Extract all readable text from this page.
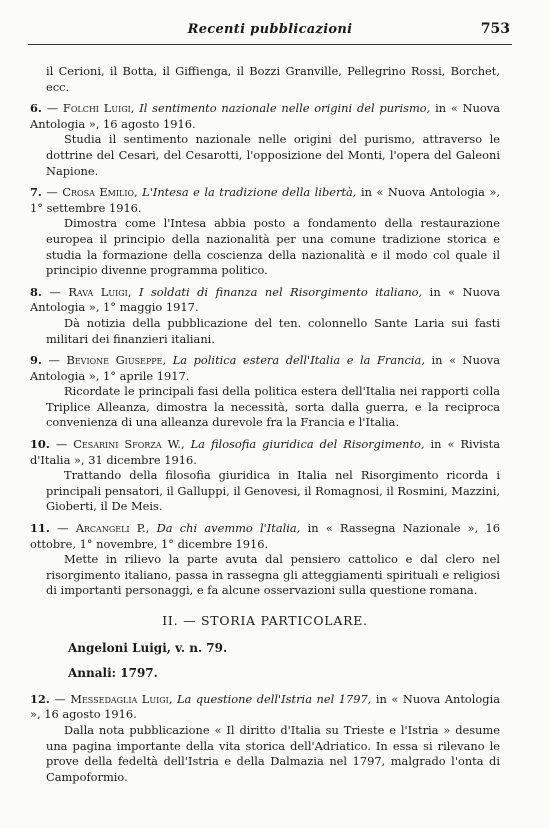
Recenti pubblicazioni	753

il Cerioni, il Botta, il Giffienga, il Bozzi Granville, Pellegrino Rossi, Borchet, ecc.

6. — Folchi Luigi, Il sentimento nazionale nelle origini del purismo, in « Nuova Antologia », 16 agosto 1916.

Studia il sentimento nazionale nelle origini del purismo, attraverso le dottrine del Cesari, del Cesarotti, l'opposizione del Monti, l'opera del Galeoni Napione.

7. — Crosa Emilio, L'Intesa e la tradizione della libertà, in « Nuova Antologia », 1° settembre 1916.

Dimostra come l'Intesa abbia posto a fondamento della restaurazione europea il principio della nazionalità per una comune tradizione storica e studia la formazione della coscienza della nazionalità e il modo col quale il principio divenne programma politico.

8. — Rava Luigi, I soldati di finanza nel Risorgimento italiano, in « Nuova Antologia », 1° maggio 1917.

Dà notizia della pubblicazione del ten. colonnello Sante Laria sui fasti militari dei finanzieri italiani.

9. — Bevione Giuseppe, La politica estera dell'Italia e la Francia, in « Nuova Antologia », 1° aprile 1917.

Ricordate le principali fasi della politica estera dell'Italia nei rapporti colla Triplice Alleanza, dimostra la necessità, sorta dalla guerra, e la reciproca convenienza di una alleanza durevole fra la Francia e l'Italia.

10. — Cesarini Sforza W., La filosofia giuridica del Risorgimento, in « Rivista d'Italia », 31 dicembre 1916.

Trattando della filosofia giuridica in Italia nel Risorgimento ricorda i principali pensatori, il Galluppi, il Genovesi, il Romagnosi, il Rosmini, Mazzini, Gioberti, il De Meis.

11. — Arcangeli P., Da chi avemmo l'Italia, in « Rassegna Nazionale », 16 ottobre, 1° novembre, 1° dicembre 1916.

Mette in rilievo la parte avuta dal pensiero cattolico e dal clero nel risorgimento italiano, passa in rassegna gli atteggiamenti spirituali e religiosi di importanti personaggi, e fa alcune osservazioni sulla questione romana.

II. — STORIA PARTICOLARE.
Angeloni Luigi, v. n. 79.
Annali: 1797.

12. — Messedaglia Luigi, La questione dell'Istria nel 1797, in « Nuova Antologia », 16 agosto 1916.

Dalla nota pubblicazione « Il diritto d'Italia su Trieste e l'Istria » desume una pagina importante della vita storica dell'Adriatico. In essa si rilevano le prove della fedeltà dell'Istria e della Dalmazia nel 1797, malgrado l'onta di Campoformio.
